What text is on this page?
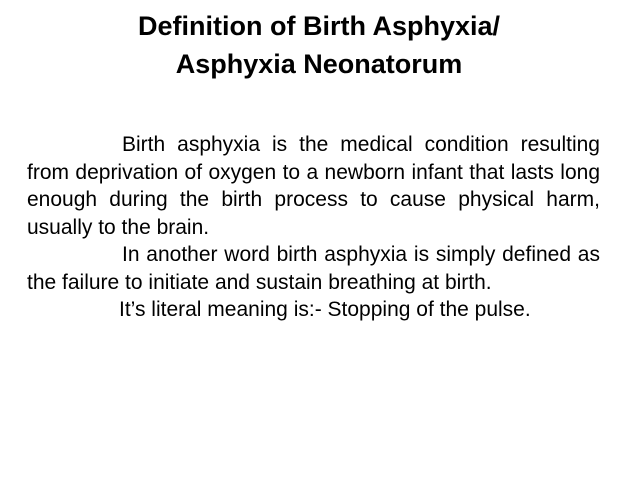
Definition of Birth Asphyxia/
Asphyxia Neonatorum

Birth asphyxia is the medical condition resulting from deprivation of oxygen to a newborn infant that lasts long enough during the birth process to cause physical harm, usually to the brain.

In another word birth asphyxia is simply defined as the failure to initiate and sustain breathing at birth.

It’s literal meaning is:- Stopping of the pulse.
